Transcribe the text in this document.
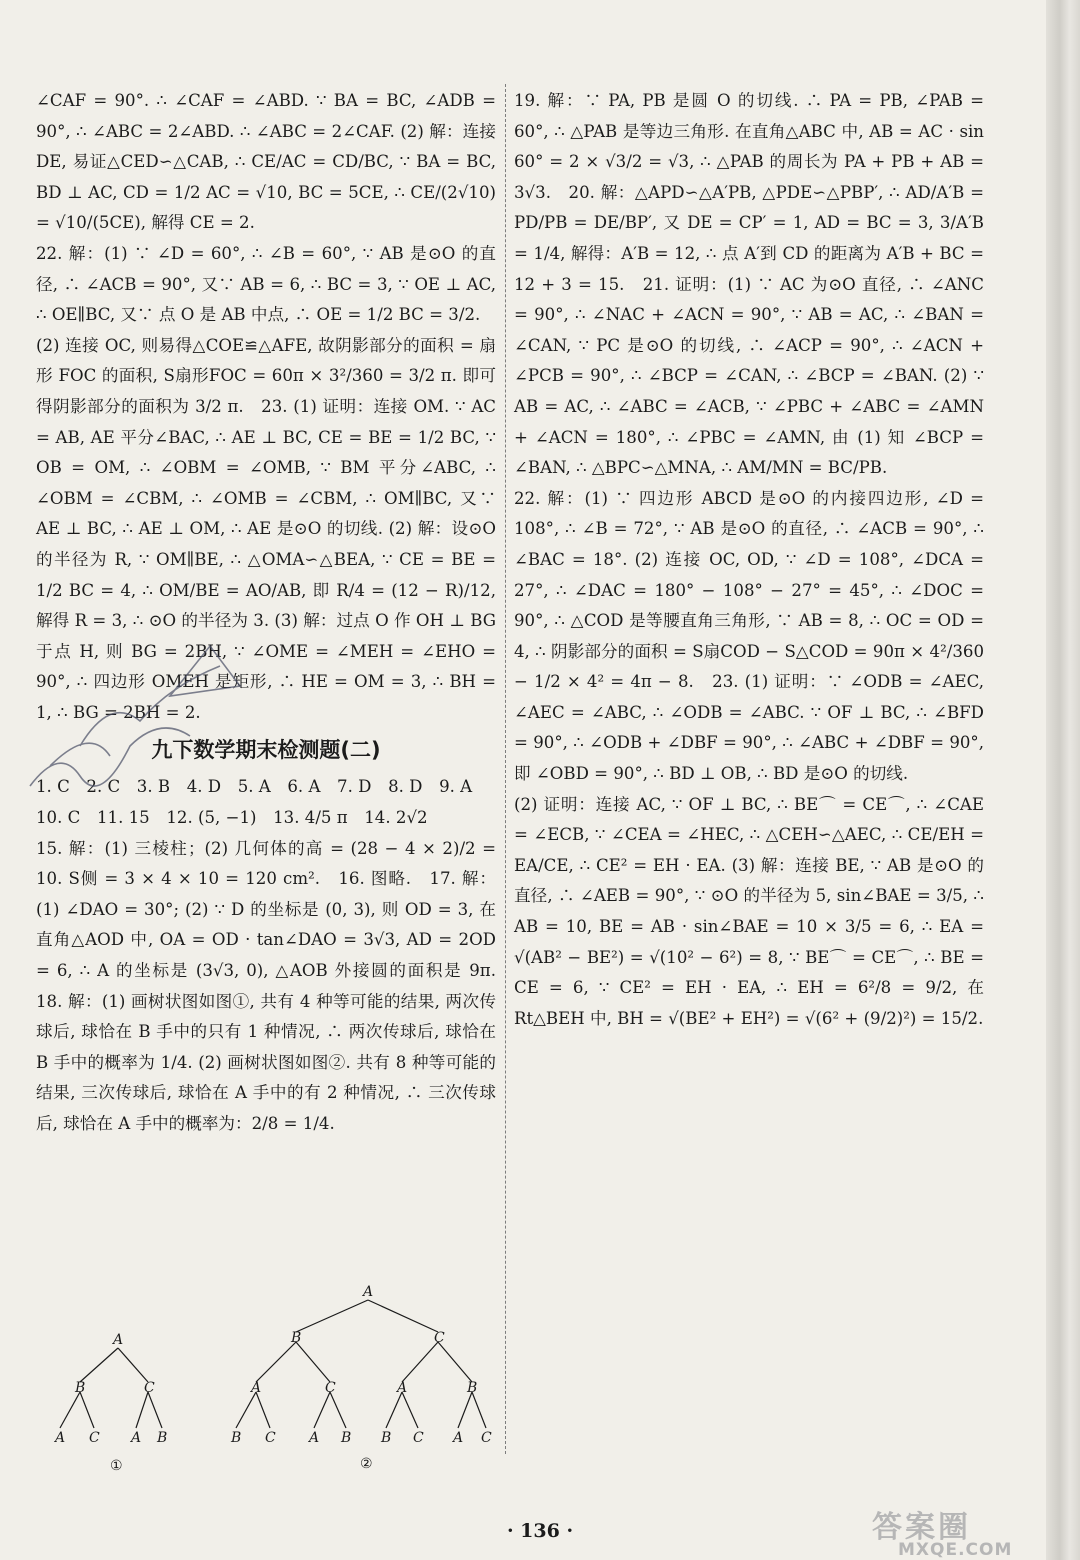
∠CAF = 90°. ∴ ∠CAF = ∠ABD. ∵ BA = BC, ∠ADB = 90°, ∴ ∠ABC = 2∠ABD. ∴ ∠ABC = 2∠CAF. (2) 解：连接 DE, 易证△CED∽△CAB, ∴ CE/AC = CD/BC, ∵ BA = BC, BD ⊥ AC, CD = 1/2 AC = √10, BC = 5CE, ∴ CE/(2√10) = √10/(5CE), 解得 CE = 2.

22. 解：(1) ∵ ∠D = 60°, ∴ ∠B = 60°, ∵ AB 是⊙O 的直径, ∴ ∠ACB = 90°, 又∵ AB = 6, ∴ BC = 3, ∵ OE ⊥ AC, ∴ OE∥BC, 又∵ 点 O 是 AB 中点, ∴ OE = 1/2 BC = 3/2.

(2) 连接 OC, 则易得△COE≌△AFE, 故阴影部分的面积 = 扇形 FOC 的面积, S扇形FOC = 60π × 3²/360 = 3/2 π. 即可得阴影部分的面积为 3/2 π.　23. (1) 证明：连接 OM. ∵ AC = AB, AE 平分∠BAC, ∴ AE ⊥ BC, CE = BE = 1/2 BC, ∵ OB = OM, ∴ ∠OBM = ∠OMB, ∵ BM 平分∠ABC, ∴ ∠OBM = ∠CBM, ∴ ∠OMB = ∠CBM, ∴ OM∥BC, 又∵ AE ⊥ BC, ∴ AE ⊥ OM, ∴ AE 是⊙O 的切线. (2) 解：设⊙O 的半径为 R, ∵ OM∥BE, ∴ △OMA∽△BEA, ∵ CE = BE = 1/2 BC = 4, ∴ OM/BE = AO/AB, 即 R/4 = (12 − R)/12, 解得 R = 3, ∴ ⊙O 的半径为 3. (3) 解：过点 O 作 OH ⊥ BG 于点 H, 则 BG = 2BH, ∵ ∠OME = ∠MEH = ∠EHO = 90°, ∴ 四边形 OMEH 是矩形, ∴ HE = OM = 3, ∴ BH = 1, ∴ BG = 2BH = 2.

九下数学期末检测题(二)

1. C　2. C　3. B　4. D　5. A　6. A　7. D　8. D　9. A

10. C　11. 15　12. (5, −1)　13. 4/5 π　14. 2√2

15. 解：(1) 三棱柱；(2) 几何体的高 = (28 − 4 × 2)/2 = 10. S侧 = 3 × 4 × 10 = 120 cm².　16. 图略.　17. 解：(1) ∠DAO = 30°; (2) ∵ D 的坐标是 (0, 3), 则 OD = 3, 在直角△AOD 中, OA = OD · tan∠DAO = 3√3, AD = 2OD = 6, ∴ A 的坐标是 (3√3, 0), △AOB 外接圆的面积是 9π.　18. 解：(1) 画树状图如图①, 共有 4 种等可能的结果, 两次传球后, 球恰在 B 手中的只有 1 种情况, ∴ 两次传球后, 球恰在 B 手中的概率为 1/4. (2) 画树状图如图②. 共有 8 种等可能的结果, 三次传球后, 球恰在 A 手中的有 2 种情况, ∴ 三次传球后, 球恰在 A 手中的概率为：2/8 = 1/4.

19. 解：∵ PA, PB 是圆 O 的切线. ∴ PA = PB, ∠PAB = 60°, ∴ △PAB 是等边三角形. 在直角△ABC 中, AB = AC · sin 60° = 2 × √3/2 = √3, ∴ △PAB 的周长为 PA + PB + AB = 3√3.　20. 解：△APD∽△A′PB, △PDE∽△PBP′, ∴ AD/A′B = PD/PB = DE/BP′, 又 DE = CP′ = 1, AD = BC = 3, 3/A′B = 1/4, 解得：A′B = 12, ∴ 点 A′到 CD 的距离为 A′B + BC = 12 + 3 = 15.　21. 证明：(1) ∵ AC 为⊙O 直径, ∴ ∠ANC = 90°, ∴ ∠NAC + ∠ACN = 90°, ∵ AB = AC, ∴ ∠BAN = ∠CAN, ∵ PC 是⊙O 的切线, ∴ ∠ACP = 90°, ∴ ∠ACN + ∠PCB = 90°, ∴ ∠BCP = ∠CAN, ∴ ∠BCP = ∠BAN. (2) ∵ AB = AC, ∴ ∠ABC = ∠ACB, ∵ ∠PBC + ∠ABC = ∠AMN + ∠ACN = 180°, ∴ ∠PBC = ∠AMN, 由 (1) 知 ∠BCP = ∠BAN, ∴ △BPC∽△MNA, ∴ AM/MN = BC/PB.

22. 解：(1) ∵ 四边形 ABCD 是⊙O 的内接四边形, ∠D = 108°, ∴ ∠B = 72°, ∵ AB 是⊙O 的直径, ∴ ∠ACB = 90°, ∴ ∠BAC = 18°. (2) 连接 OC, OD, ∵ ∠D = 108°, ∠DCA = 27°, ∴ ∠DAC = 180° − 108° − 27° = 45°, ∴ ∠DOC = 90°, ∴ △COD 是等腰直角三角形, ∵ AB = 8, ∴ OC = OD = 4, ∴ 阴影部分的面积 = S扇COD − S△COD = 90π × 4²/360 − 1/2 × 4² = 4π − 8.　23. (1) 证明：∵ ∠ODB = ∠AEC, ∠AEC = ∠ABC, ∴ ∠ODB = ∠ABC. ∵ OF ⊥ BC, ∴ ∠BFD = 90°, ∴ ∠ODB + ∠DBF = 90°, ∴ ∠ABC + ∠DBF = 90°, 即 ∠OBD = 90°, ∴ BD ⊥ OB, ∴ BD 是⊙O 的切线.

(2) 证明：连接 AC, ∵ OF ⊥ BC, ∴ BE⌒ = CE⌒, ∴ ∠CAE = ∠ECB, ∵ ∠CEA = ∠HEC, ∴ △CEH∽△AEC, ∴ CE/EH = EA/CE, ∴ CE² = EH · EA. (3) 解：连接 BE, ∵ AB 是⊙O 的直径, ∴ ∠AEB = 90°, ∵ ⊙O 的半径为 5, sin∠BAE = 3/5, ∴ AB = 10, BE = AB · sin∠BAE = 10 × 3/5 = 6, ∴ EA = √(AB² − BE²) = √(10² − 6²) = 8, ∵ BE⌒ = CE⌒, ∴ BE = CE = 6, ∵ CE² = EH · EA, ∴ EH = 6²/8 = 9/2, 在 Rt△BEH 中, BH = √(BE² + EH²) = √(6² + (9/2)²) = 15/2.

A
B	C
A C A B
①
A
B	C
A	C	A	B
B C A B B C A C
②
· 136 ·	答案圈
MXQE.COM
